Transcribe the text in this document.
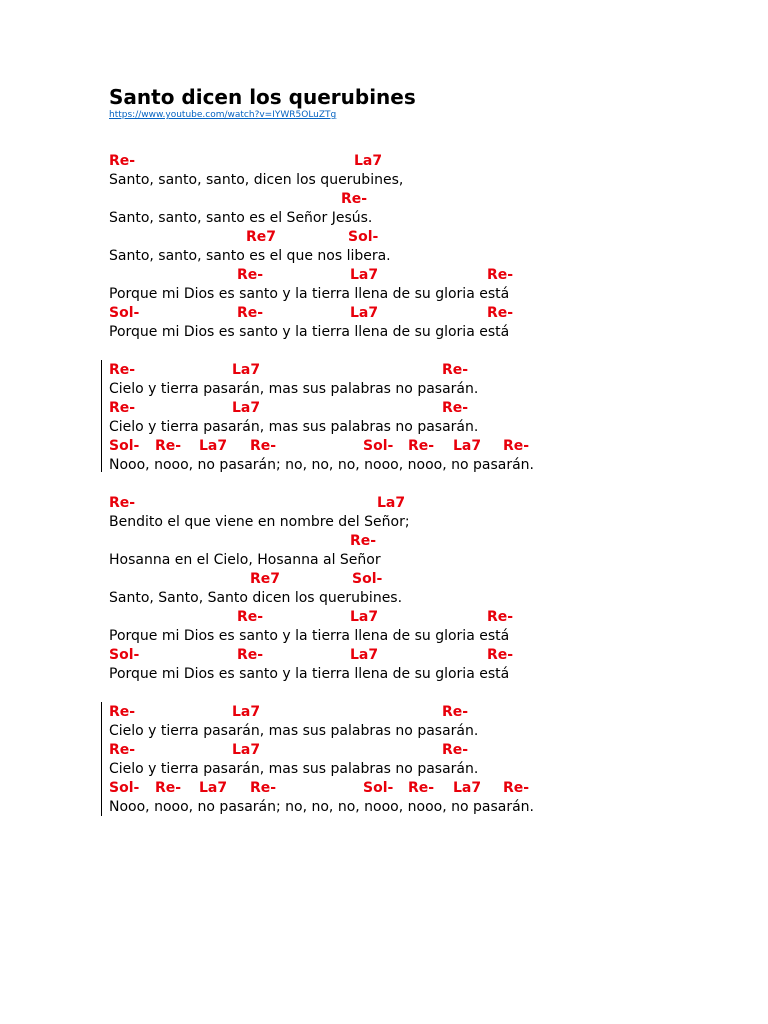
Santo dicen los querubines
https://www.youtube.com/watch?v=IYWR5OLuZTg
Re-	La7
Santo, santo, santo, dicen los querubines,
Re-
Santo, santo, santo es el Señor Jesús.
Re7	Sol-
Santo, santo, santo es el que nos libera.
Re-	La7	Re-
Porque mi Dios es santo y la tierra llena de su gloria está
Sol-	Re-	La7	Re-
Porque mi Dios es santo y la tierra llena de su gloria está
Re-	La7	Re-
Cielo y tierra pasarán, mas sus palabras no pasarán.
Re-	La7	Re-
Cielo y tierra pasarán, mas sus palabras no pasarán.
Sol- Re- La7 Re-	Sol- Re- La7 Re-
Nooo, nooo, no pasarán; no, no, no, nooo, nooo, no pasarán.
Re-	La7
Bendito el que viene en nombre del Señor;
Re-
Hosanna en el Cielo, Hosanna al Señor
Re7	Sol-
Santo, Santo, Santo dicen los querubines.
Re-	La7	Re-
Porque mi Dios es santo y la tierra llena de su gloria está
Sol-	Re-	La7	Re-
Porque mi Dios es santo y la tierra llena de su gloria está
Re-	La7	Re-
Cielo y tierra pasarán, mas sus palabras no pasarán.
Re-	La7	Re-
Cielo y tierra pasarán, mas sus palabras no pasarán.
Sol- Re- La7 Re-	Sol- Re- La7 Re-
Nooo, nooo, no pasarán; no, no, no, nooo, nooo, no pasarán.
